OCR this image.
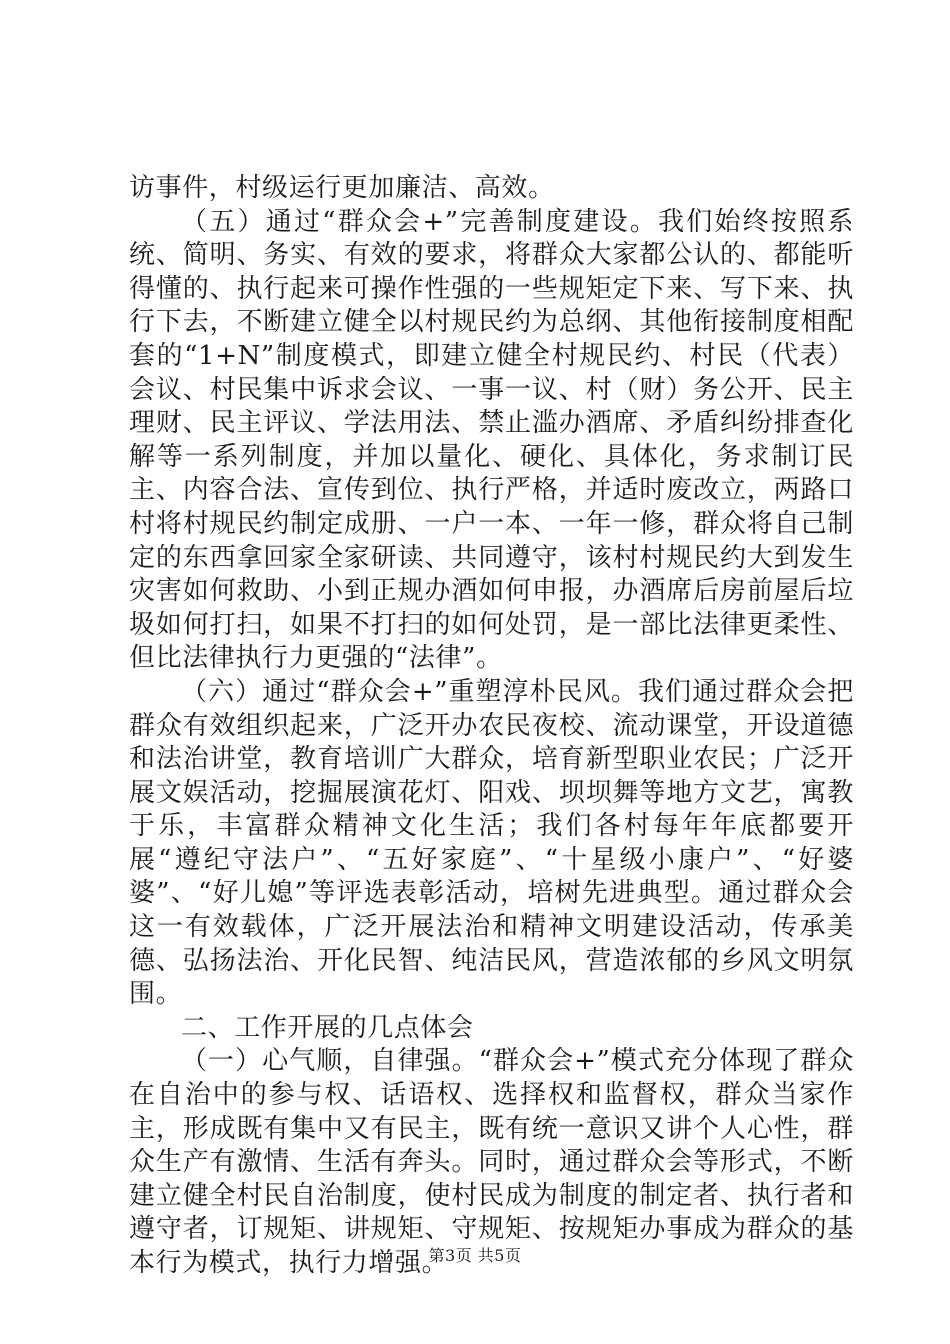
访事件，村级运行更加廉洁、高效。

（五）通过“群众会+”完善制度建设。我们始终按照系统、简明、务实、有效的要求，将群众大家都公认的、都能听得懂的、执行起来可操作性强的一些规矩定下来、写下来、执行下去，不断建立健全以村规民约为总纲、其他衔接制度相配套的“1+N”制度模式，即建立健全村规民约、村民（代表）会议、村民集中诉求会议、一事一议、村（财）务公开、民主理财、民主评议、学法用法、禁止滥办酒席、矛盾纠纷排查化解等一系列制度，并加以量化、硬化、具体化，务求制订民主、内容合法、宣传到位、执行严格，并适时废改立，两路口村将村规民约制定成册、一户一本、一年一修，群众将自己制定的东西拿回家全家研读、共同遵守，该村村规民约大到发生灾害如何救助、小到正规办酒如何申报，办酒席后房前屋后垃圾如何打扫，如果不打扫的如何处罚，是一部比法律更柔性、但比法律执行力更强的“法律”。

（六）通过“群众会+”重塑淳朴民风。我们通过群众会把群众有效组织起来，广泛开办农民夜校、流动课堂，开设道德和法治讲堂，教育培训广大群众，培育新型职业农民；广泛开展文娱活动，挖掘展演花灯、阳戏、坝坝舞等地方文艺，寓教于乐，丰富群众精神文化生活；我们各村每年年底都要开展“遵纪守法户”、“五好家庭”、“十星级小康户”、“好婆婆”、“好儿媳”等评选表彰活动，培树先进典型。通过群众会这一有效载体，广泛开展法治和精神文明建设活动，传承美德、弘扬法治、开化民智、纯洁民风，营造浓郁的乡风文明氛围。

二、工作开展的几点体会

（一）心气顺，自律强。“群众会+”模式充分体现了群众在自治中的参与权、话语权、选择权和监督权，群众当家作主，形成既有集中又有民主，既有统一意识又讲个人心性，群众生产有激情、生活有奔头。同时，通过群众会等形式，不断建立健全村民自治制度，使村民成为制度的制定者、执行者和遵守者，订规矩、讲规矩、守规矩、按规矩办事成为群众的基本行为模式，执行力增强。

第3页 共5页
